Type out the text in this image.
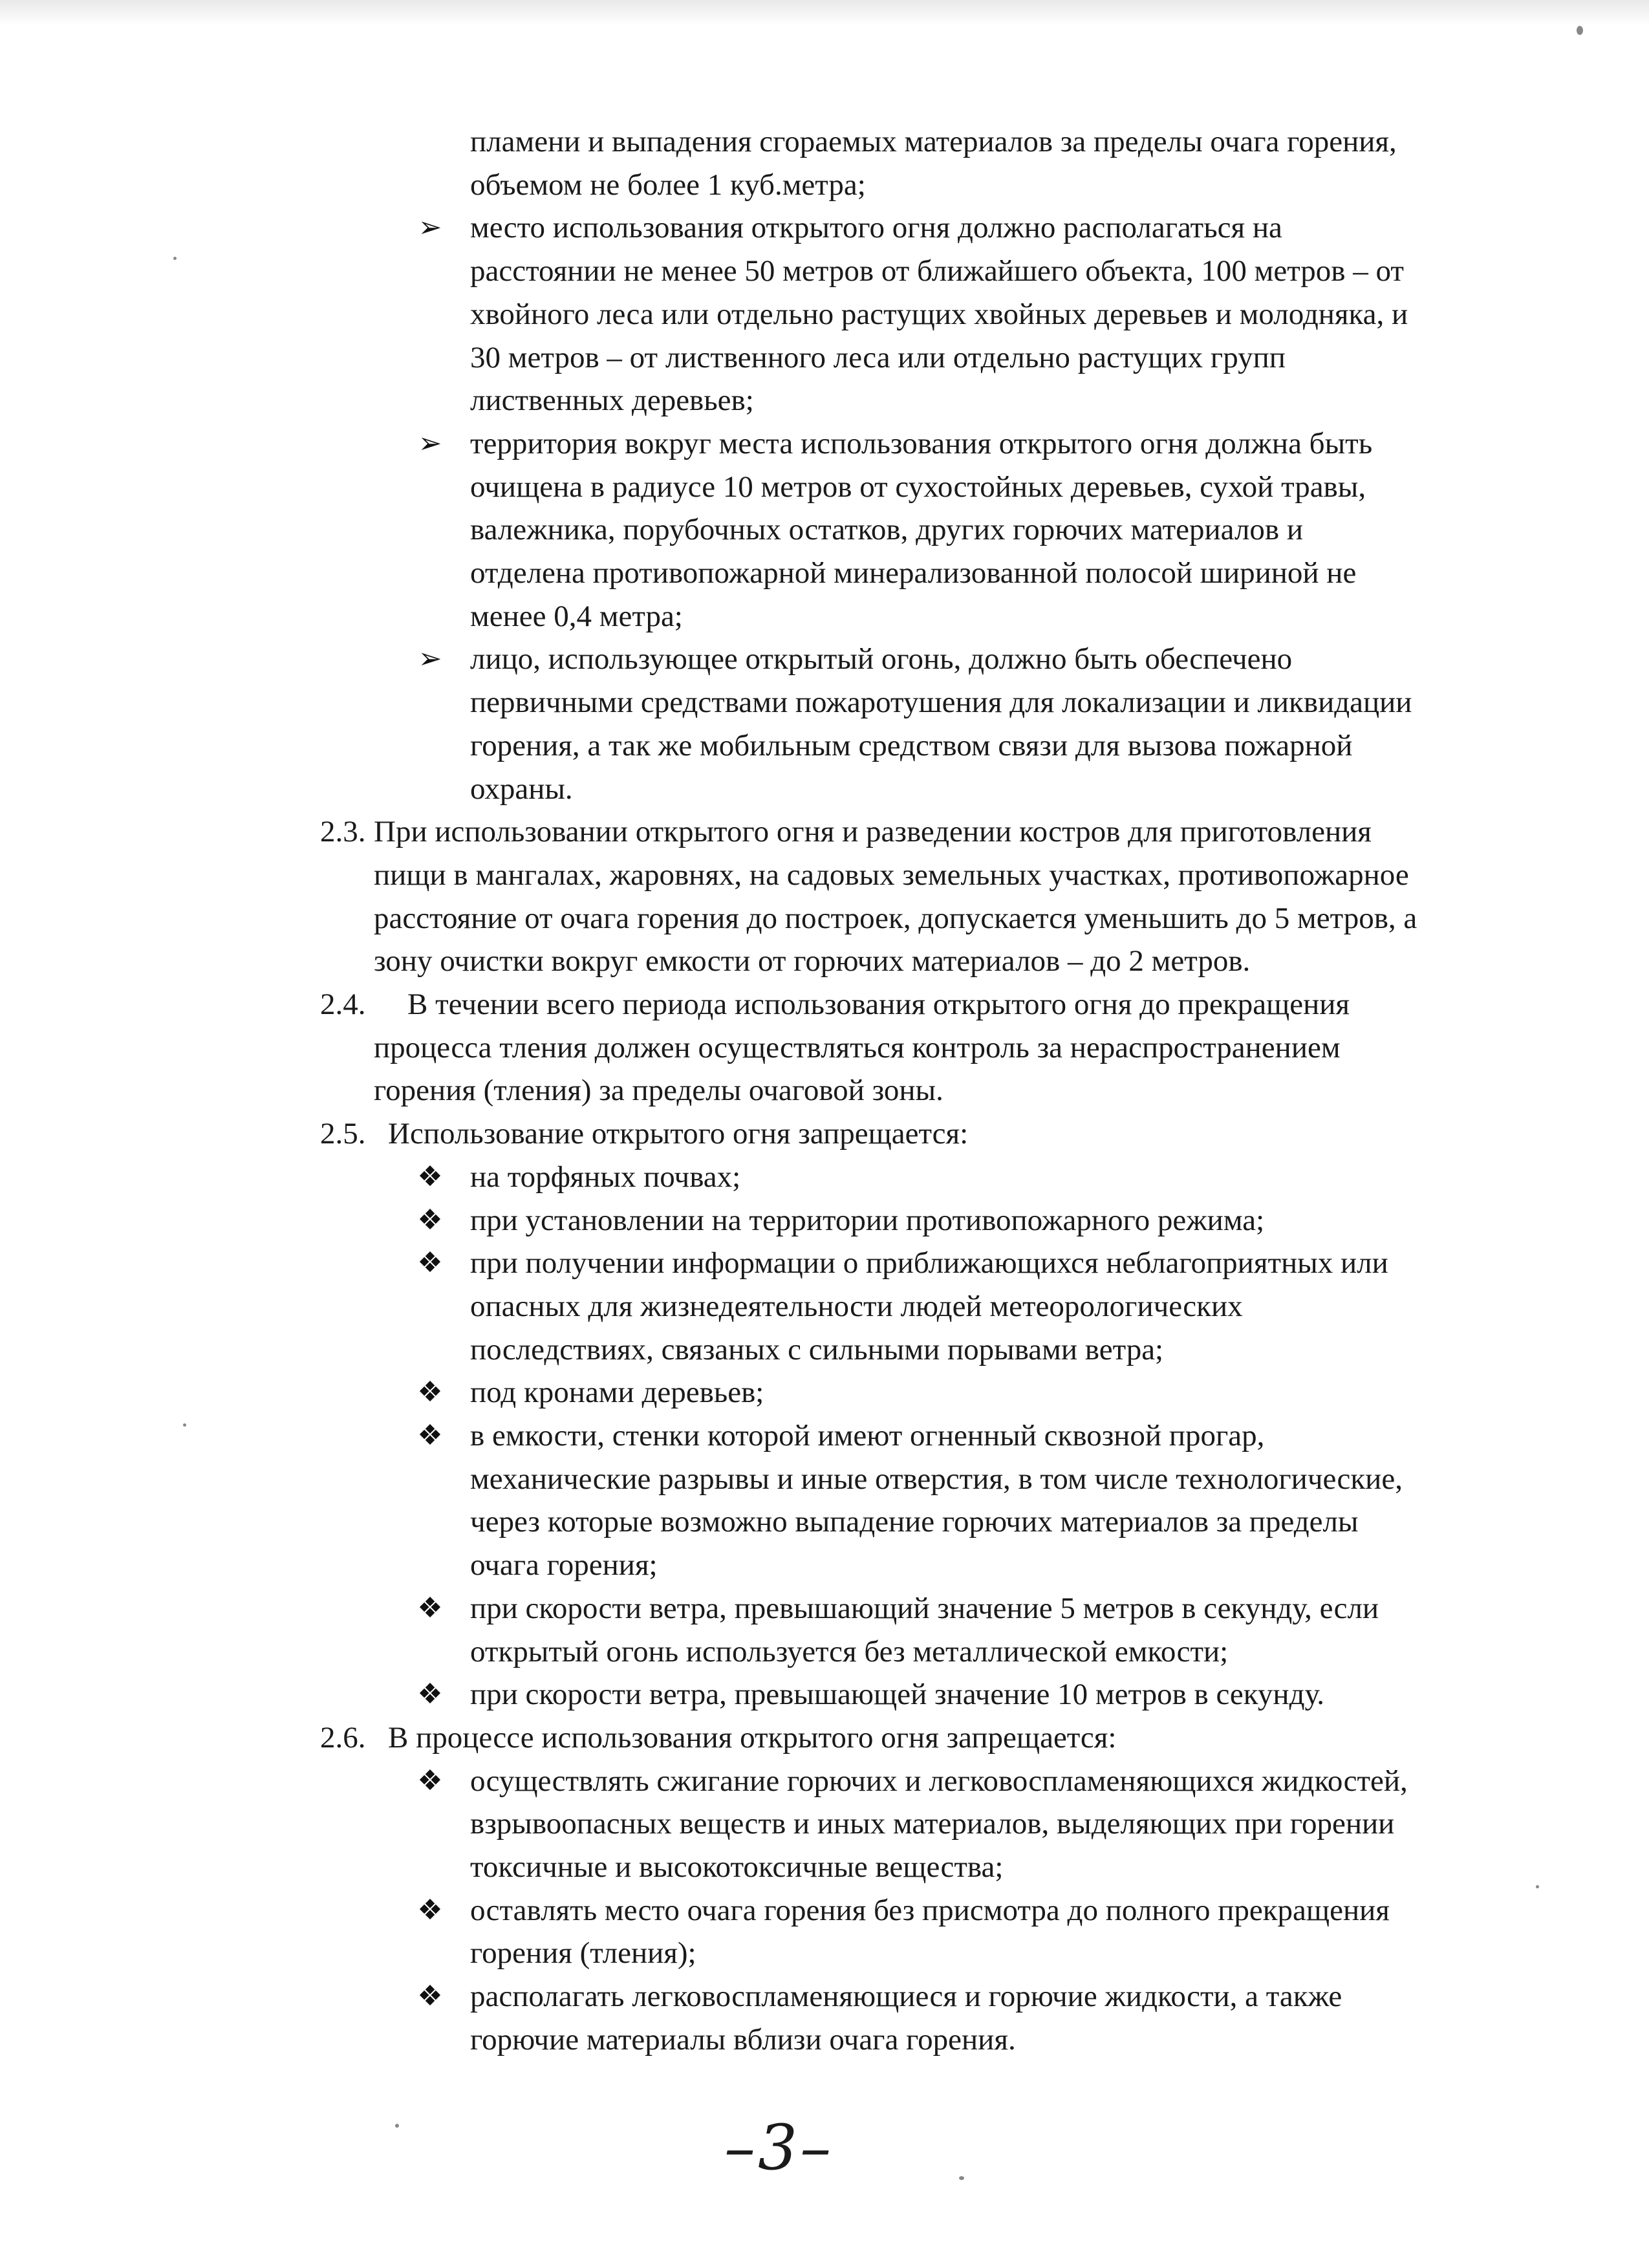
пламени и выпадения сгораемых материалов за пределы очага горения,
объемом не более 1 куб.метра;
➢ место использования открытого огня должно располагаться на
расстоянии не менее 50 метров от ближайшего объекта, 100 метров – от
хвойного леса или отдельно растущих хвойных деревьев и молодняка, и
30 метров – от лиственного леса или отдельно растущих групп
лиственных деревьев;
➢ территория вокруг места использования открытого огня должна быть
очищена в радиусе 10 метров от сухостойных деревьев, сухой травы,
валежника, порубочных остатков, других горючих материалов и
отделена противопожарной минерализованной полосой шириной не
менее 0,4 метра;
➢ лицо, использующее открытый огонь, должно быть обеспечено
первичными средствами пожаротушения для локализации и ликвидации
горения, а так же мобильным средством связи для вызова пожарной
охраны.
2.3. При использовании открытого огня и разведении костров для приготовления
пищи в мангалах, жаровнях, на садовых земельных участках, противопожарное
расстояние от очага горения до построек, допускается уменьшить до 5 метров, а
зону очистки вокруг емкости от горючих материалов – до 2 метров.
2.4. В течении всего периода использования открытого огня до прекращения
процесса тления должен осуществляться контроль за нераспространением
горения (тления) за пределы очаговой зоны.
2.5. Использование открытого огня запрещается:
❖ на торфяных почвах;
❖ при установлении на территории противопожарного режима;
❖ при получении информации о приближающихся неблагоприятных или
опасных для жизнедеятельности людей метеорологических
последствиях, связаных с сильными порывами ветра;
❖ под кронами деревьев;
❖ в емкости, стенки которой имеют огненный сквозной прогар,
механические разрывы и иные отверстия, в том числе технологические,
через которые возможно выпадение горючих материалов за пределы
очага горения;
❖ при скорости ветра, превышающий значение 5 метров в секунду, если
открытый огонь используется без металлической емкости;
❖ при скорости ветра, превышающей значение 10 метров в секунду.
2.6. В процессе использования открытого огня запрещается:
❖ осуществлять сжигание горючих и легковоспламеняющихся жидкостей,
взрывоопасных веществ и иных материалов, выделяющих при горении
токсичные и высокотоксичные вещества;
❖ оставлять место очага горения без присмотра до полного прекращения
горения (тления);
❖ располагать легковоспламеняющиеся и горючие жидкости, а также
горючие материалы вблизи очага горения.
–3–
